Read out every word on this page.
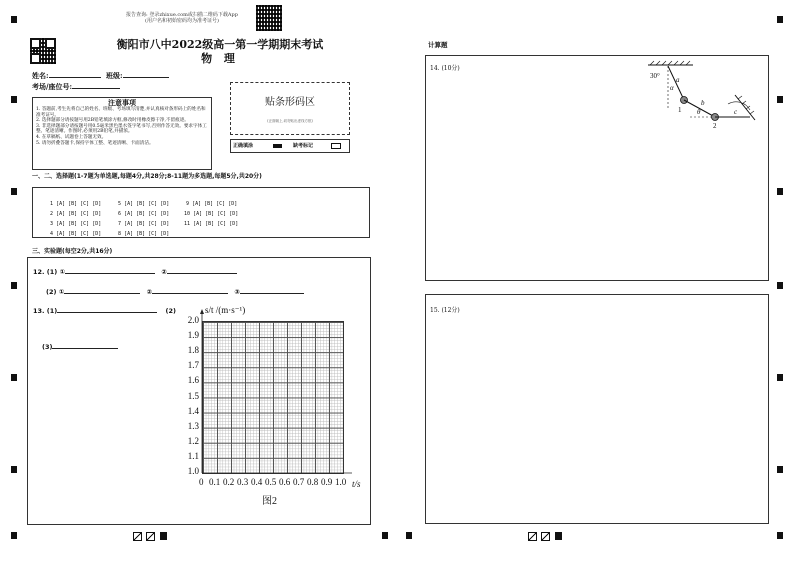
报告查询: 登录zhixue.com或扫描二维码下载App
(用户名和初始密码均为准考证号)
衡阳市八中2022级高一第一学期期末考试
物 理
姓名:	班级:
考场/座位号:
注意事项
1. 答题前,考生先将自己的姓名、班级、考场填写清楚,并认真核对条形码上的姓名和准考证号。
2. 选择题部分请按题号用2B铅笔填涂方框,修改时用橡皮擦干净,不留痕迹。
3. 非选择题部分请按题号用0.5毫米黑色墨水签字笔书写,否则作答无效。要求字体工整、笔迹清晰。作图时,必须用2B铅笔,并描浓。
4. 在草稿纸、试题卷上答题无效。
5. 请勿折叠答题卡,保持字体工整、笔迹清晰、卡面清洁。
贴条形码区
(正面朝上,切勿贴出虚线方框)
正确填涂	缺考标记
一、二、选择题(1-7题为单选题,每题4分,共28分;8-11题为多选题,每题5分,共20分)

1 [A] [B] [C] [D]	5 [A] [B] [C] [D]	9 [A] [B] [C] [D]

2 [A] [B] [C] [D]	6 [A] [B] [C] [D]	10 [A] [B] [C] [D]

3 [A] [B] [C] [D]	7 [A] [B] [C] [D]	11 [A] [B] [C] [D]

4 [A] [B] [C] [D]	8 [A] [B] [C] [D]

三、实验题(每空2分,共16分)
12. (1) ①	②
(2) ①	②	③
13. (1)	(2)
(3)
s/t /(m·s⁻¹)
1.0
1.1
1.2
1.3
1.4
1.5
1.6
1.7
1.8
1.9
2.0
0 0.1 0.2 0.3 0.4 0.5 0.6 0.7 0.8 0.9 1.0 t/s
图2
计算题
14. (10分)
15. (12分)
30° a
α
b
θ	c
1
2
